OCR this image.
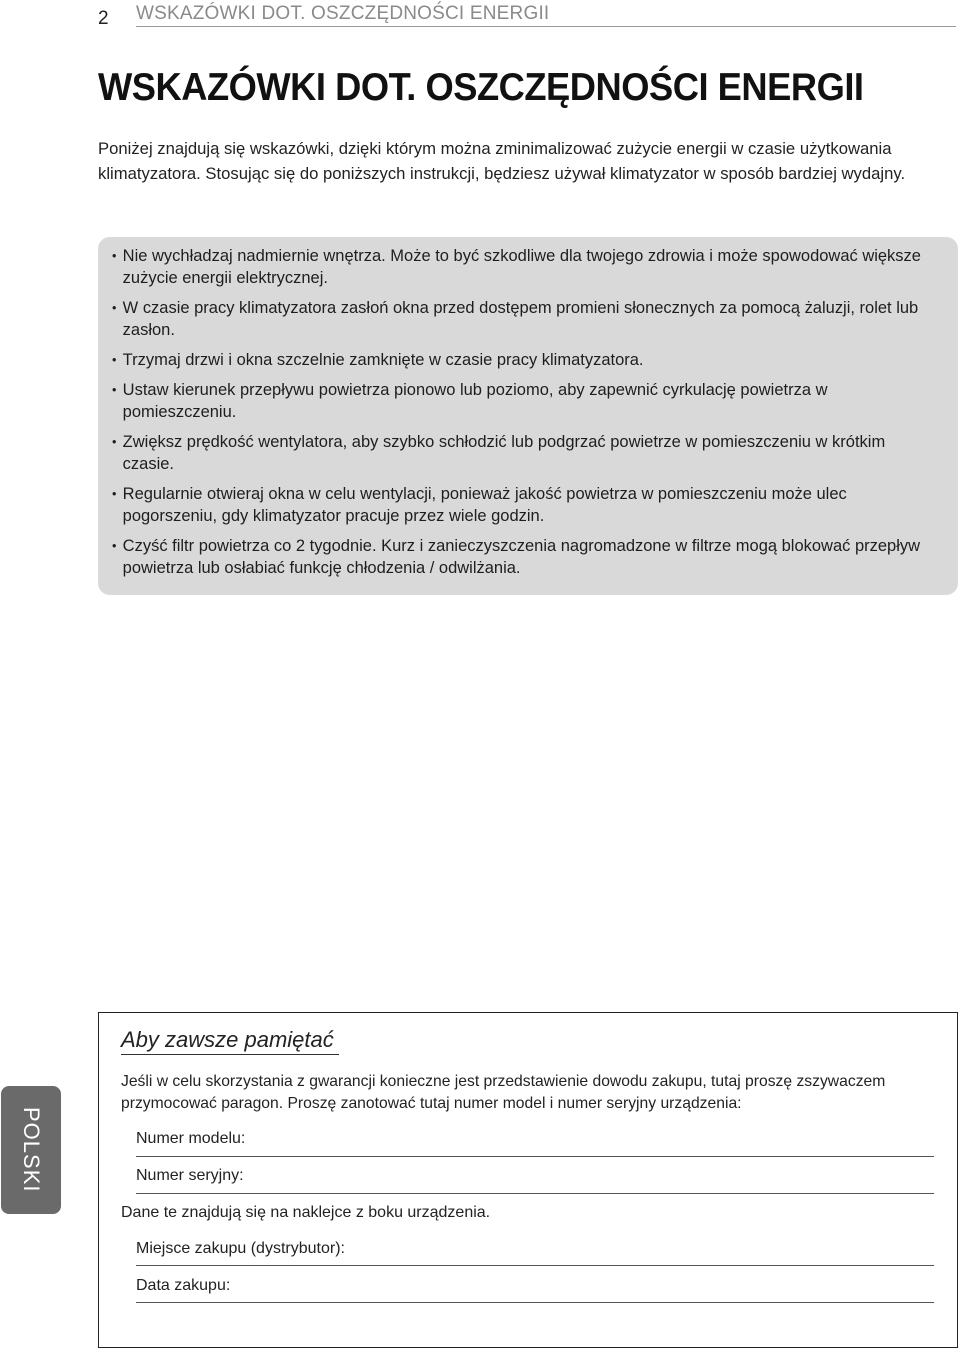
2 WSKAZÓWKI DOT. OSZCZĘDNOŚCI ENERGII
WSKAZÓWKI DOT. OSZCZĘDNOŚCI ENERGII

Poniżej znajdują się wskazówki, dzięki którym można zminimalizować zużycie energii w czasie użytkowania klimatyzatora. Stosując się do poniższych instrukcji, będziesz używał klimatyzator w sposób bardziej wydajny.

• Nie wychładzaj nadmiernie wnętrza. Może to być szkodliwe dla twojego zdrowia i może spowodować większe zużycie energii elektrycznej.
• W czasie pracy klimatyzatora zasłoń okna przed dostępem promieni słonecznych za pomocą żaluzji, rolet lub zasłon.
• Trzymaj drzwi i okna szczelnie zamknięte w czasie pracy klimatyzatora.
• Ustaw kierunek przepływu powietrza pionowo lub poziomo, aby zapewnić cyrkulację powietrza w pomieszczeniu.
• Zwiększ prędkość wentylatora, aby szybko schłodzić lub podgrzać powietrze w pomieszczeniu w krótkim czasie.
• Regularnie otwieraj okna w celu wentylacji, ponieważ jakość powietrza w pomieszczeniu może ulec pogorszeniu, gdy klimatyzator pracuje przez wiele godzin.
• Czyść filtr powietrza co 2 tygodnie. Kurz i zanieczyszczenia nagromadzone w filtrze mogą blokować przepływ powietrza lub osłabiać funkcję chłodzenia / odwilżania.
POLSKI
Aby zawsze pamiętać

Jeśli w celu skorzystania z gwarancji konieczne jest przedstawienie dowodu zakupu, tutaj proszę zszywaczem przymocować paragon. Proszę zanotować tutaj numer model i numer seryjny urządzenia:

Numer modelu:
Numer seryjny:
Dane te znajdują się na naklejce z boku urządzenia.
Miejsce zakupu (dystrybutor):
Data zakupu:
